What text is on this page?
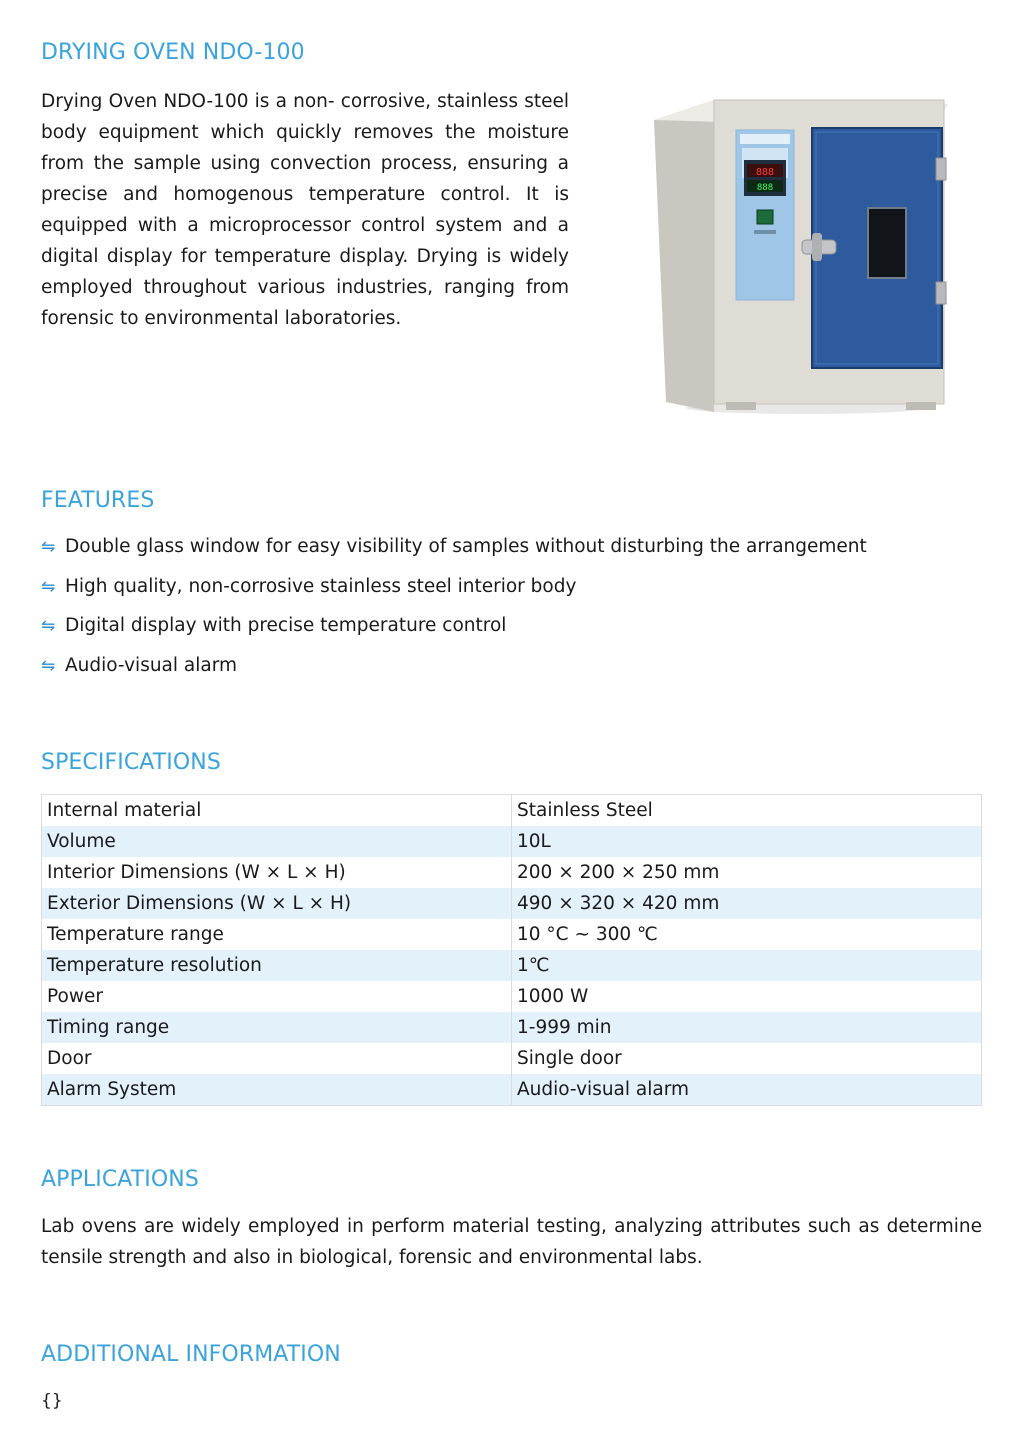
DRYING OVEN NDO-100

Drying Oven NDO-100 is a non- corrosive, stainless steel body equipment which quickly removes the moisture from the sample using convection process, ensuring a precise and homogenous temperature control. It is equipped with a microprocessor control system and a digital display for temperature display. Drying is widely employed throughout various industries, ranging from forensic to environmental laboratories.

888
888
FEATURES
⇋ Double glass window for easy visibility of samples without disturbing the arrangement
⇋ High quality, non-corrosive stainless steel interior body
⇋ Digital display with precise temperature control
⇋ Audio-visual alarm
SPECIFICATIONS
Internal material	Stainless Steel
Volume	10L
Interior Dimensions (W × L × H)	200 × 200 × 250 mm
Exterior Dimensions (W × L × H)	490 × 320 × 420 mm
Temperature range	10 °C ~ 300 ℃
Temperature resolution	1℃
Power	1000 W
Timing range	1-999 min
Door	Single door
Alarm System	Audio-visual alarm
APPLICATIONS

Lab ovens are widely employed in perform material testing, analyzing attributes such as determine tensile strength and also in biological, forensic and environmental labs.

ADDITIONAL INFORMATION

{}
